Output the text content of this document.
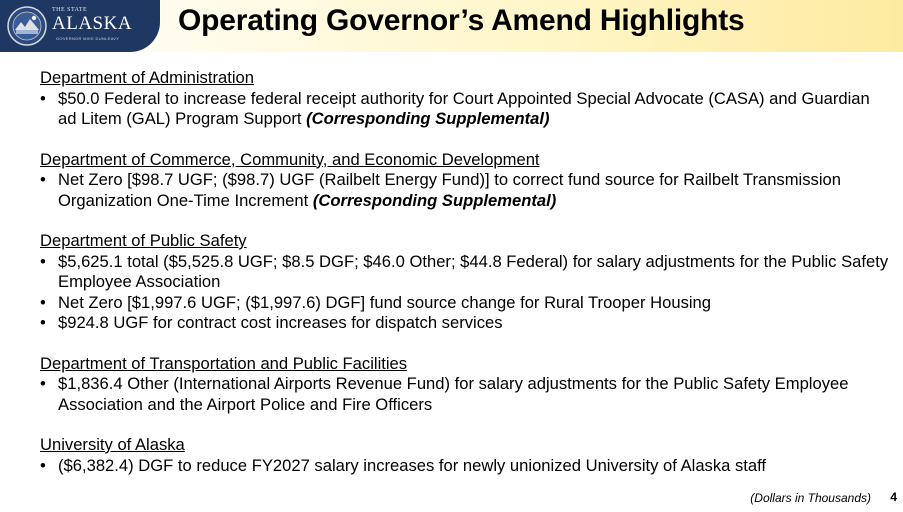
THE STATE
ALASKA
GOVERNOR MIKE DUNLEAVY
Operating Governor’s Amend Highlights
Department of Administration
• $50.0 Federal to increase federal receipt authority for Court Appointed Special Advocate (CASA) and Guardian ad Litem (GAL) Program Support (Corresponding Supplemental)
Department of Commerce, Community, and Economic Development
• Net Zero [$98.7 UGF; ($98.7) UGF (Railbelt Energy Fund)] to correct fund source for Railbelt Transmission Organization One-Time Increment (Corresponding Supplemental)
Department of Public Safety
• $5,625.1 total ($5,525.8 UGF; $8.5 DGF; $46.0 Other; $44.8 Federal) for salary adjustments for the Public Safety Employee Association
• Net Zero [$1,997.6 UGF; ($1,997.6) DGF] fund source change for Rural Trooper Housing
• $924.8 UGF for contract cost increases for dispatch services
Department of Transportation and Public Facilities
• $1,836.4 Other (International Airports Revenue Fund) for salary adjustments for the Public Safety Employee Association and the Airport Police and Fire Officers
University of Alaska
• ($6,382.4) DGF to reduce FY2027 salary increases for newly unionized University of Alaska staff
(Dollars in Thousands) 4
